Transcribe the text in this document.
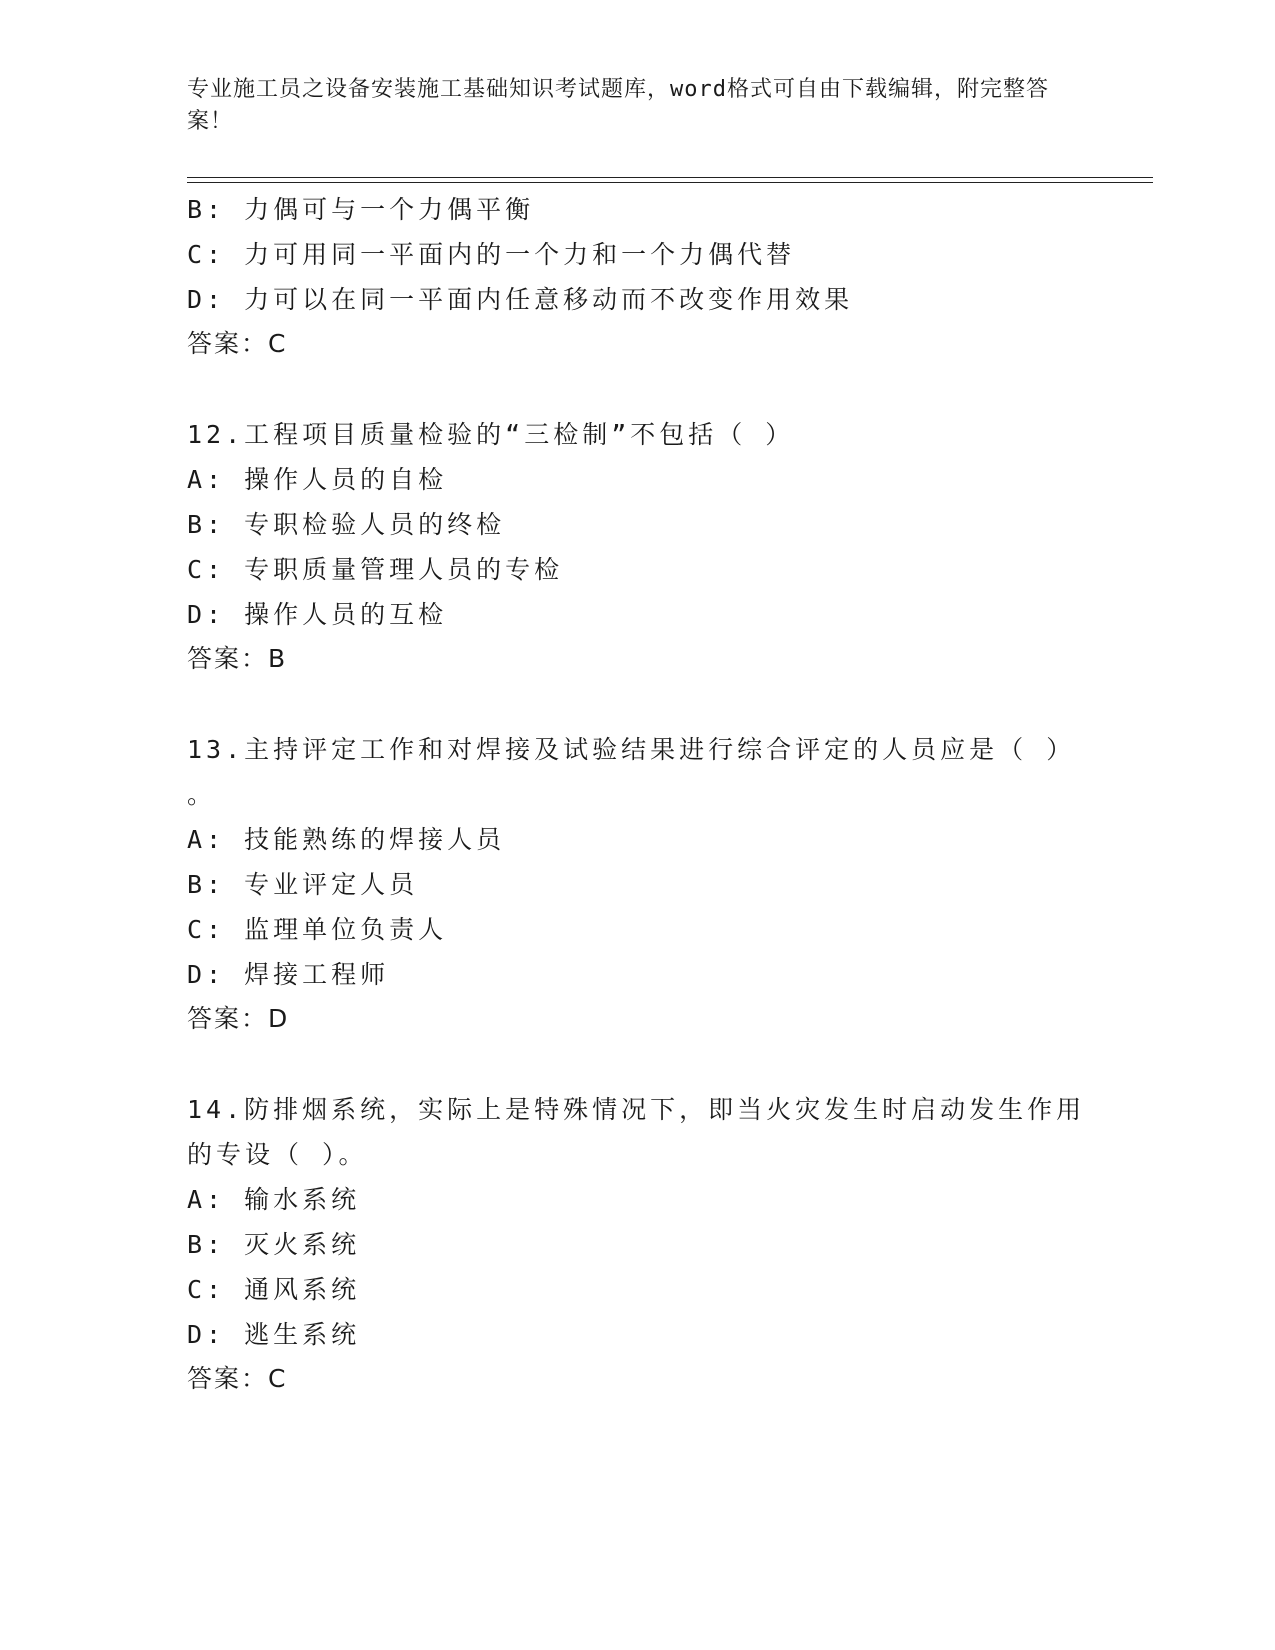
专业施工员之设备安装施工基础知识考试题库，word格式可自由下载编辑，附完整答案！
B: 力偶可与一个力偶平衡
C: 力可用同一平面内的一个力和一个力偶代替
D: 力可以在同一平面内任意移动而不改变作用效果
答案：C
12.工程项目质量检验的“三检制”不包括（ ）
A: 操作人员的自检
B: 专职检验人员的终检
C: 专职质量管理人员的专检
D: 操作人员的互检
答案：B
13.主持评定工作和对焊接及试验结果进行综合评定的人员应是（ ）
。
A: 技能熟练的焊接人员
B: 专业评定人员
C: 监理单位负责人
D: 焊接工程师
答案：D
14.防排烟系统，实际上是特殊情况下，即当火灾发生时启动发生作用
的专设（ ）。
A: 输水系统
B: 灭火系统
C: 通风系统
D: 逃生系统
答案：C
